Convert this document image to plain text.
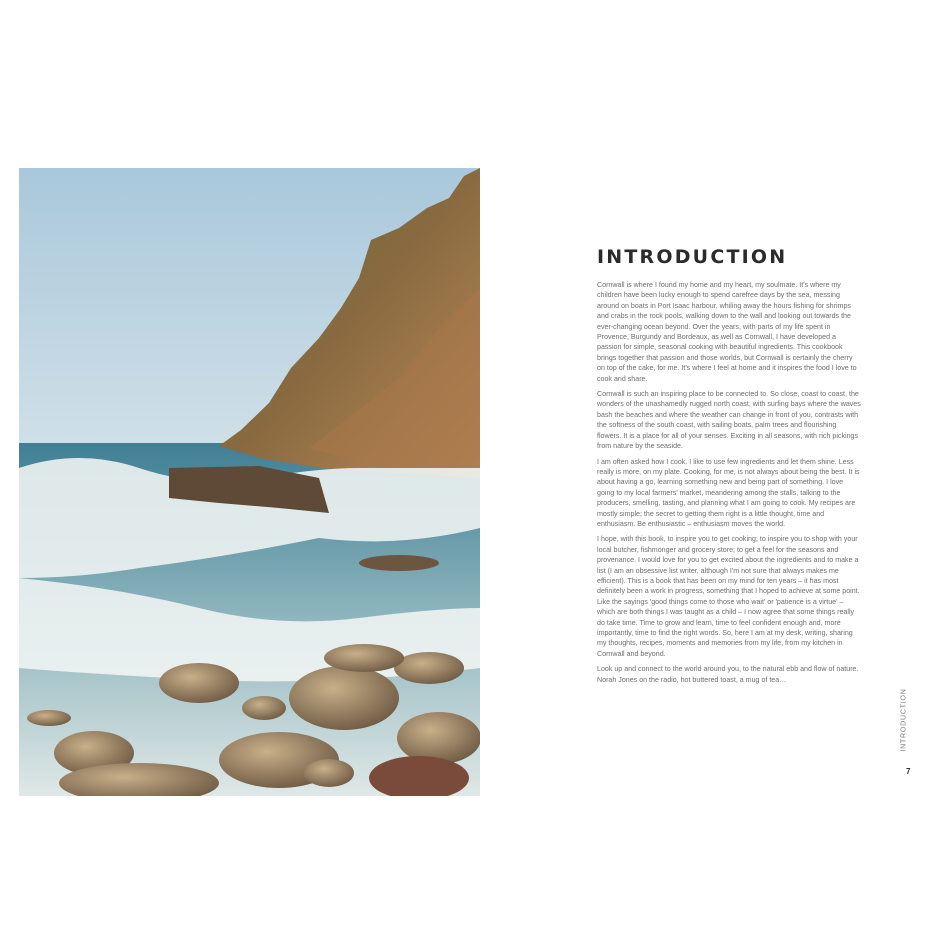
INTRODUCTION

Cornwall is where I found my home and my heart, my soulmate. It's where my children have been lucky enough to spend carefree days by the sea, messing around on boats in Port Isaac harbour, whiling away the hours fishing for shrimps and crabs in the rock pools, walking down to the wall and looking out towards the ever-changing ocean beyond. Over the years, with parts of my life spent in Provence, Burgundy and Bordeaux, as well as Cornwall, I have developed a passion for simple, seasonal cooking with beautiful ingredients. This cookbook brings together that passion and those worlds, but Cornwall is certainly the cherry on top of the cake, for me. It's where I feel at home and it inspires the food I love to cook and share.

Cornwall is such an inspiring place to be connected to. So close, coast to coast, the wonders of the unashamedly rugged north coast, with surfing bays where the waves bash the beaches and where the weather can change in front of you, contrasts with the softness of the south coast, with sailing boats, palm trees and flourishing flowers. It is a place for all of your senses. Exciting in all seasons, with rich pickings from nature by the seaside.

I am often asked how I cook. I like to use few ingredients and let them shine. Less really is more, on my plate. Cooking, for me, is not always about being the best. It is about having a go, learning something new and being part of something. I love going to my local farmers' market, meandering among the stalls, talking to the producers, smelling, tasting, and planning what I am going to cook. My recipes are mostly simple; the secret to getting them right is a little thought, time and enthusiasm. Be enthusiastic – enthusiasm moves the world.

I hope, with this book, to inspire you to get cooking; to inspire you to shop with your local butcher, fishmonger and grocery store; to get a feel for the seasons and provenance. I would love for you to get excited about the ingredients and to make a list (I am an obsessive list writer, although I'm not sure that always makes me efficient). This is a book that has been on my mind for ten years – it has most definitely been a work in progress, something that I hoped to achieve at some point. Like the sayings 'good things come to those who wait' or 'patience is a virtue' – which are both things I was taught as a child – I now agree that some things really do take time. Time to grow and learn, time to feel confident enough and, more importantly, time to find the right words. So, here I am at my desk, writing, sharing my thoughts, recipes, moments and memories from my life, from my kitchen in Cornwall and beyond.

Look up and connect to the world around you, to the natural ebb and flow of nature. Norah Jones on the radio, hot buttered toast, a mug of tea…

INTRODUCTION
7
